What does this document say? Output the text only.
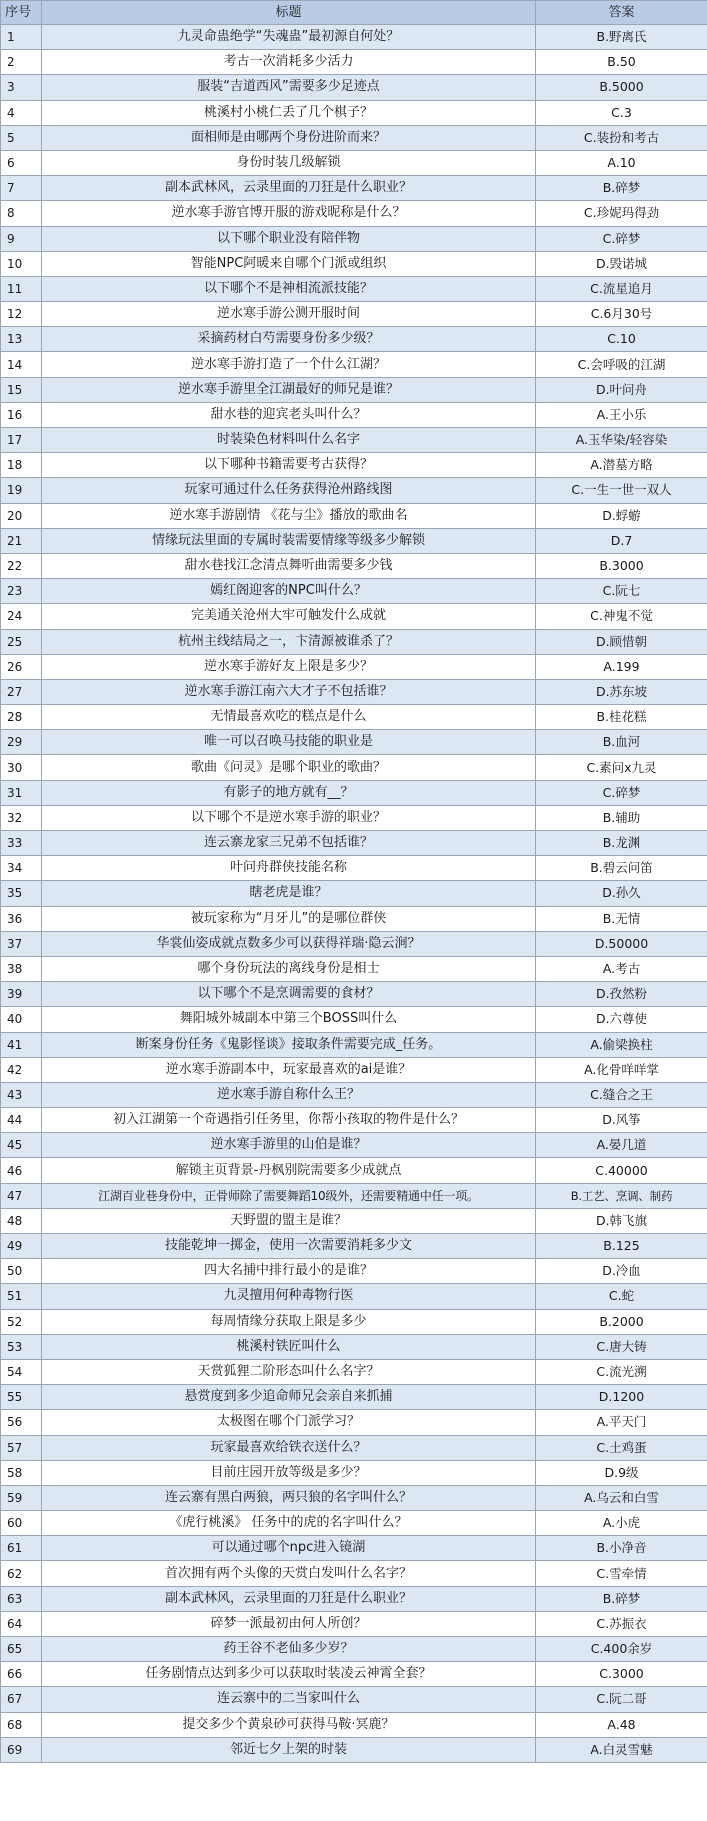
序号	标题	答案
1	九灵命蛊绝学“失魂蛊”最初源自何处？	B.野离氏
2	考古一次消耗多少活力	B.50
3	服装“吉道西风”需要多少足迹点	B.5000
4	桃溪村小桃仁丢了几个棋子？	C.3
5	面相师是由哪两个身份进阶而来？	C.装扮和考古
6	身份时装几级解锁	A.10
7	副本武林风，云录里面的刀狂是什么职业？	B.碎梦
8	逆水寒手游官博开服的游戏昵称是什么？	C.珍妮玛得劲
9	以下哪个职业没有陪伴物	C.碎梦
10	智能NPC阿暖来自哪个门派或组织	D.毁诺城
11	以下哪个不是神相流派技能？	C.流星追月
12	逆水寒手游公测开服时间	C.6月30号
13	采摘药材白芍需要身份多少级？	C.10
14	逆水寒手游打造了一个什么江湖？	C.会呼吸的江湖
15	逆水寒手游里全江湖最好的师兄是谁？	D.叶问舟
16	甜水巷的迎宾老头叫什么？	A.王小乐
17	时装染色材料叫什么名字	A.玉华染/轻容染
18	以下哪种书籍需要考古获得？	A.潜墓方略
19	玩家可通过什么任务获得沧州路线图	C.一生一世一双人
20	逆水寒手游剧情 《花与尘》播放的歌曲名	D.蜉蝣
21	情缘玩法里面的专属时装需要情缘等级多少解锁	D.7
22	甜水巷找江念清点舞听曲需要多少钱	B.3000
23	嫣红阁迎客的NPC叫什么？	C.阮七
24	完美通关沧州大牢可触发什么成就	C.神鬼不觉
25	杭州主线结局之一，卞清源被谁杀了？	D.顾惜朝
26	逆水寒手游好友上限是多少？	A.199
27	逆水寒手游江南六大才子不包括谁？	D.苏东坡
28	无情最喜欢吃的糕点是什么	B.桂花糕
29	唯一可以召唤马技能的职业是	B.血河
30	歌曲《问灵》是哪个职业的歌曲？	C.素问x九灵
31	有影子的地方就有__？	C.碎梦
32	以下哪个不是逆水寒手游的职业？	B.辅助
33	连云寨龙家三兄弟不包括谁？	B.龙渊
34	叶问舟群侠技能名称	B.碧云问笛
35	瞎老虎是谁？	D.孙久
36	被玩家称为“月牙儿”的是哪位群侠	B.无情
37	华裳仙姿成就点数多少可以获得祥瑞·隐云涧？	D.50000
38	哪个身份玩法的离线身份是相士	A.考古
39	以下哪个不是烹调需要的食材？	D.孜然粉
40	舞阳城外城副本中第三个BOSS叫什么	D.六尊使
41	断案身份任务《鬼影怪谈》接取条件需要完成_任务。	A.偷梁换柱
42	逆水寒手游副本中，玩家最喜欢的ai是谁？	A.化骨咩咩掌
43	逆水寒手游自称什么王？	C.缝合之王
44	初入江湖第一个奇遇指引任务里，你帮小孩取的物件是什么？	D.风筝
45	逆水寒手游里的山伯是谁？	A.晏几道
46	解锁主页背景-丹枫别院需要多少成就点	C.40000
47	江湖百业巷身份中，正骨师除了需要舞蹈10级外，还需要精通中任一项。	B.工艺、烹调、制药
48	天野盟的盟主是谁？	D.韩飞旗
49	技能乾坤一掷金，使用一次需要消耗多少文	B.125
50	四大名捕中排行最小的是谁？	D.冷血
51	九灵擅用何种毒物行医	C.蛇
52	每周情缘分获取上限是多少	B.2000
53	桃溪村铁匠叫什么	C.唐大铸
54	天赏狐狸二阶形态叫什么名字？	C.流光溯
55	悬赏度到多少追命师兄会亲自来抓捕	D.1200
56	太极图在哪个门派学习？	A.平天门
57	玩家最喜欢给铁衣送什么？	C.土鸡蛋
58	目前庄园开放等级是多少？	D.9级
59	连云寨有黑白两狼，两只狼的名字叫什么？	A.乌云和白雪
60	《虎行桃溪》 任务中的虎的名字叫什么？	A.小虎
61	可以通过哪个npc进入镜湖	B.小净音
62	首次拥有两个头像的天赏白发叫什么名字？	C.雪牵情
63	副本武林风，云录里面的刀狂是什么职业？	B.碎梦
64	碎梦一派最初由何人所创？	C.苏振衣
65	药王谷不老仙多少岁？	C.400余岁
66	任务剧情点达到多少可以获取时装凌云神霄全套？	C.3000
67	连云寨中的二当家叫什么	C.阮二哥
68	提交多少个黄泉砂可获得马鞍·冥鹿？	A.48
69	邻近七夕上架的时装	A.白灵雪魅
